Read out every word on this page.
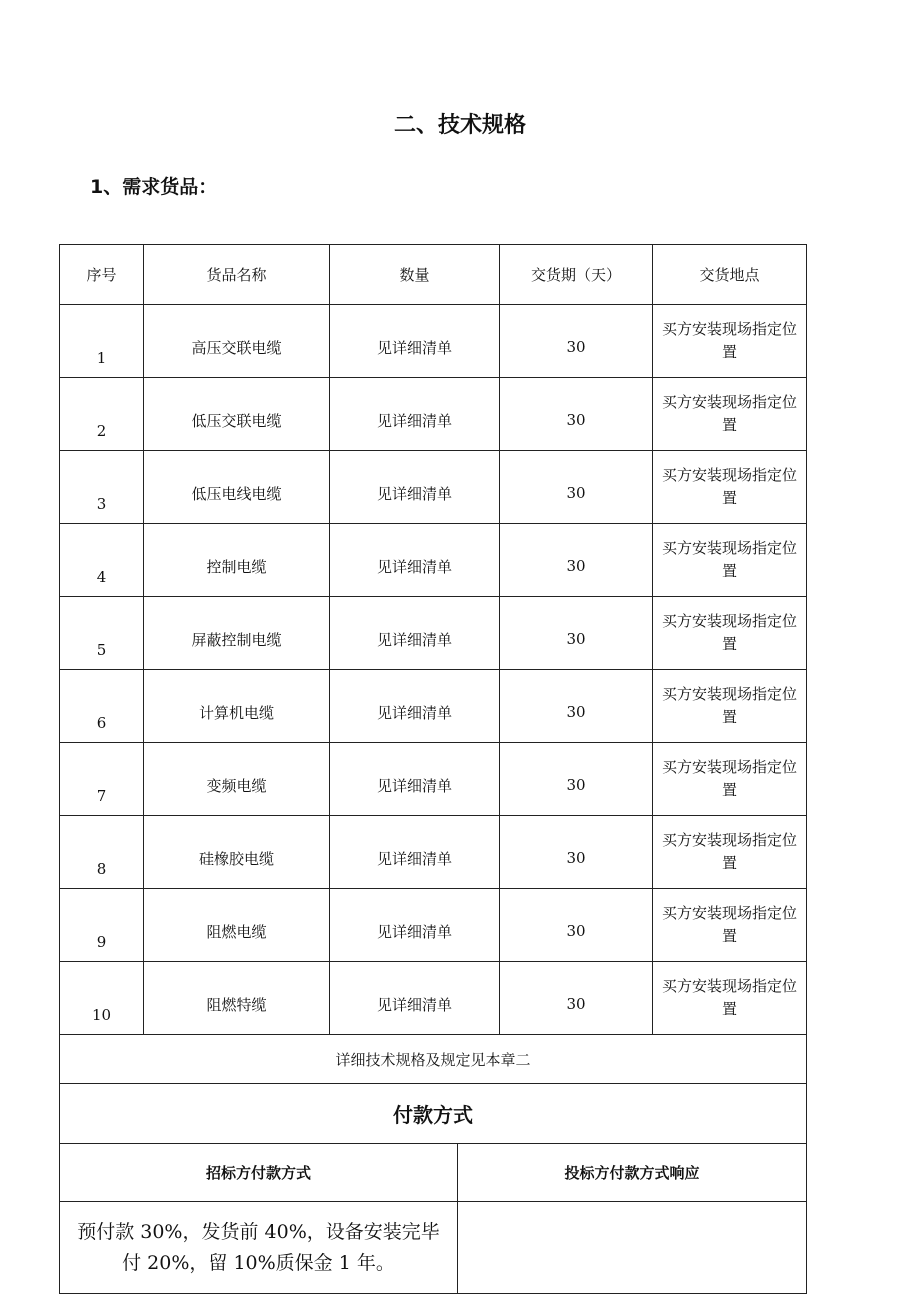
二、技术规格
1、需求货品：
序号	货品名称	数量	交货期（天）	交货地点
1	高压交联电缆	见详细清单	30	买方安装现场指定位置
2	低压交联电缆	见详细清单	30	买方安装现场指定位置
3	低压电线电缆	见详细清单	30	买方安装现场指定位置
4	控制电缆	见详细清单	30	买方安装现场指定位置
5	屏蔽控制电缆	见详细清单	30	买方安装现场指定位置
6	计算机电缆	见详细清单	30	买方安装现场指定位置
7	变频电缆	见详细清单	30	买方安装现场指定位置
8	硅橡胶电缆	见详细清单	30	买方安装现场指定位置
9	阻燃电缆	见详细清单	30	买方安装现场指定位置
10	阻燃特缆	见详细清单	30	买方安装现场指定位置
详细技术规格及规定见本章二				
付款方式	
招标方付款方式	投标方付款方式响应
预付款 30%，发货前 40%，设备安装完毕付 20%，留 10%质保金 1 年。	
